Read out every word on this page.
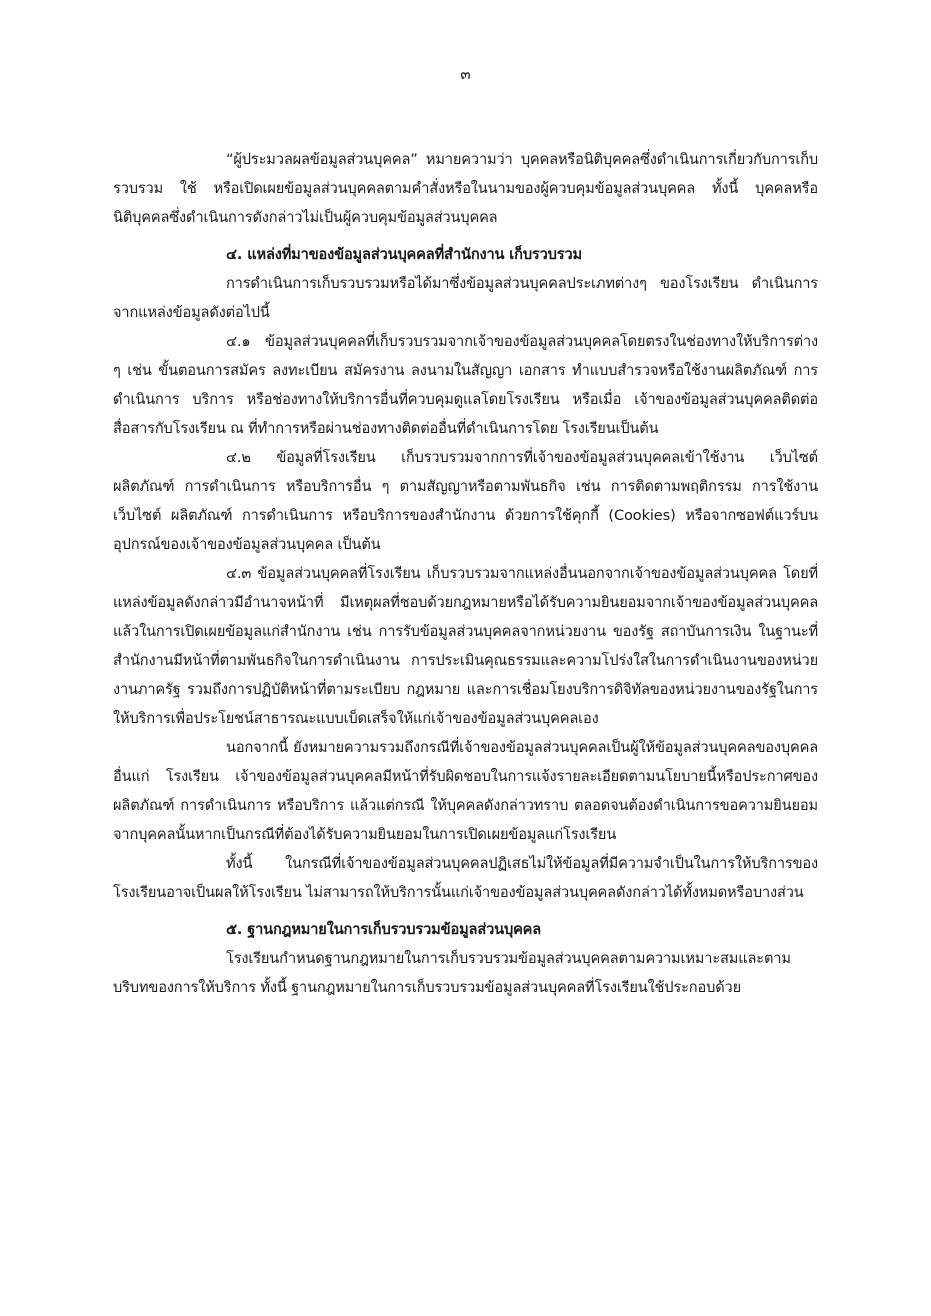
๓

“ผู้ประมวลผลข้อมูลส่วนบุคคล” หมายความว่า บุคคลหรือนิติบุคคลซึ่งดำเนินการเกี่ยวกับการเก็บรวบรวม ใช้ หรือเปิดเผยข้อมูลส่วนบุคคลตามคำสั่งหรือในนามของผู้ควบคุมข้อมูลส่วนบุคคล ทั้งนี้ บุคคลหรือนิติบุคคลซึ่งดำเนินการดังกล่าวไม่เป็นผู้ควบคุมข้อมูลส่วนบุคคล

๔. แหล่งที่มาของข้อมูลส่วนบุคคลที่สำนักงาน เก็บรวบรวม

การดำเนินการเก็บรวบรวมหรือได้มาซึ่งข้อมูลส่วนบุคคลประเภทต่างๆ ของโรงเรียน ดำเนินการจากแหล่งข้อมูลดังต่อไปนี้

๔.๑ ข้อมูลส่วนบุคคลที่เก็บรวบรวมจากเจ้าของข้อมูลส่วนบุคคลโดยตรงในช่องทางให้บริการต่าง ๆ เช่น ขั้นตอนการสมัคร ลงทะเบียน สมัครงาน ลงนามในสัญญา เอกสาร ทำแบบสำรวจหรือใช้งานผลิตภัณฑ์ การดำเนินการ บริการ หรือช่องทางให้บริการอื่นที่ควบคุมดูแลโดยโรงเรียน หรือเมื่อ เจ้าของข้อมูลส่วนบุคคลติดต่อสื่อสารกับโรงเรียน ณ ที่ทำการหรือผ่านช่องทางติดต่ออื่นที่ดำเนินการโดย โรงเรียนเป็นต้น

๔.๒ ข้อมูลที่โรงเรียน เก็บรวบรวมจากการที่เจ้าของข้อมูลส่วนบุคคลเข้าใช้งาน เว็บไซต์ ผลิตภัณฑ์ การดำเนินการ หรือบริการอื่น ๆ ตามสัญญาหรือตามพันธกิจ เช่น การติดตามพฤติกรรม การใช้งานเว็บไซต์ ผลิตภัณฑ์ การดำเนินการ หรือบริการของสำนักงาน ด้วยการใช้คุกกี้ (Cookies) หรือจากซอฟต์แวร์บนอุปกรณ์ของเจ้าของข้อมูลส่วนบุคคล เป็นต้น

๔.๓ ข้อมูลส่วนบุคคลที่โรงเรียน เก็บรวบรวมจากแหล่งอื่นนอกจากเจ้าของข้อมูลส่วนบุคคล โดยที่แหล่งข้อมูลดังกล่าวมีอำนาจหน้าที่ มีเหตุผลที่ชอบด้วยกฎหมายหรือได้รับความยินยอมจากเจ้าของข้อมูลส่วนบุคคลแล้วในการเปิดเผยข้อมูลแก่สำนักงาน เช่น การรับข้อมูลส่วนบุคคลจากหน่วยงาน ของรัฐ สถาบันการเงิน ในฐานะที่สำนักงานมีหน้าที่ตามพันธกิจในการดำเนินงาน การประเมินคุณธรรมและความโปร่งใสในการดำเนินงานของหน่วยงานภาครัฐ รวมถึงการปฏิบัติหน้าที่ตามระเบียบ กฎหมาย และการเชื่อมโยงบริการดิจิทัลของหน่วยงานของรัฐในการ ให้บริการเพื่อประโยชน์สาธารณะแบบเบ็ดเสร็จให้แก่เจ้าของข้อมูลส่วนบุคคลเอง

นอกจากนี้ ยังหมายความรวมถึงกรณีที่เจ้าของข้อมูลส่วนบุคคลเป็นผู้ให้ข้อมูลส่วนบุคคลของบุคคลอื่นแก่ โรงเรียน เจ้าของข้อมูลส่วนบุคคลมีหน้าที่รับผิดชอบในการแจ้งรายละเอียดตามนโยบายนี้หรือประกาศของผลิตภัณฑ์ การดำเนินการ หรือบริการ แล้วแต่กรณี ให้บุคคลดังกล่าวทราบ ตลอดจนต้องดำเนินการขอความยินยอมจากบุคคลนั้นหากเป็นกรณีที่ต้องได้รับความยินยอมในการเปิดเผยข้อมูลแก่โรงเรียน

ทั้งนี้ ในกรณีที่เจ้าของข้อมูลส่วนบุคคลปฏิเสธไม่ให้ข้อมูลที่มีความจำเป็นในการให้บริการของโรงเรียนอาจเป็นผลให้โรงเรียน ไม่สามารถให้บริการนั้นแก่เจ้าของข้อมูลส่วนบุคคลดังกล่าวได้ทั้งหมดหรือบางส่วน

๕. ฐานกฎหมายในการเก็บรวบรวมข้อมูลส่วนบุคคล

โรงเรียนกำหนดฐานกฎหมายในการเก็บรวบรวมข้อมูลส่วนบุคคลตามความเหมาะสมและตามบริบทของการให้บริการ ทั้งนี้ ฐานกฎหมายในการเก็บรวบรวมข้อมูลส่วนบุคคลที่โรงเรียนใช้ประกอบด้วย
